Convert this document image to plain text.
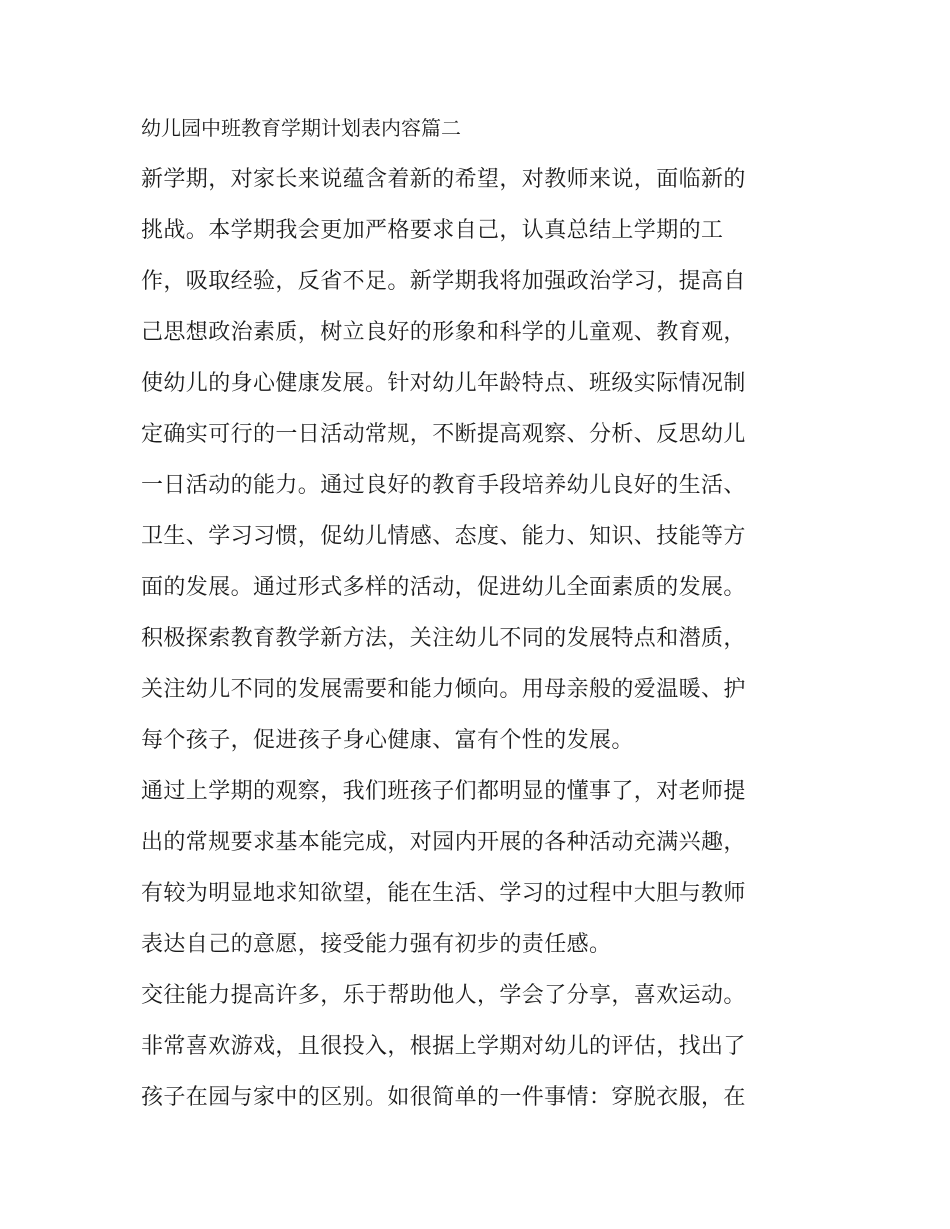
幼儿园中班教育学期计划表内容篇二
新学期，对家长来说蕴含着新的希望，对教师来说，面临新的
挑战。本学期我会更加严格要求自己，认真总结上学期的工
作，吸取经验，反省不足。新学期我将加强政治学习，提高自
己思想政治素质，树立良好的形象和科学的儿童观、教育观，
使幼儿的身心健康发展。针对幼儿年龄特点、班级实际情况制
定确实可行的一日活动常规，不断提高观察、分析、反思幼儿
一日活动的能力。通过良好的教育手段培养幼儿良好的生活、
卫生、学习习惯，促幼儿情感、态度、能力、知识、技能等方
面的发展。通过形式多样的活动，促进幼儿全面素质的发展。
积极探索教育教学新方法，关注幼儿不同的发展特点和潜质，
关注幼儿不同的发展需要和能力倾向。用母亲般的爱温暖、护
每个孩子，促进孩子身心健康、富有个性的发展。
通过上学期的观察，我们班孩子们都明显的懂事了，对老师提
出的常规要求基本能完成，对园内开展的各种活动充满兴趣，
有较为明显地求知欲望，能在生活、学习的过程中大胆与教师
表达自己的意愿，接受能力强有初步的责任感。
交往能力提高许多，乐于帮助他人，学会了分享，喜欢运动。
非常喜欢游戏，且很投入，根据上学期对幼儿的评估，找出了
孩子在园与家中的区别。如很简单的一件事情：穿脱衣服，在
